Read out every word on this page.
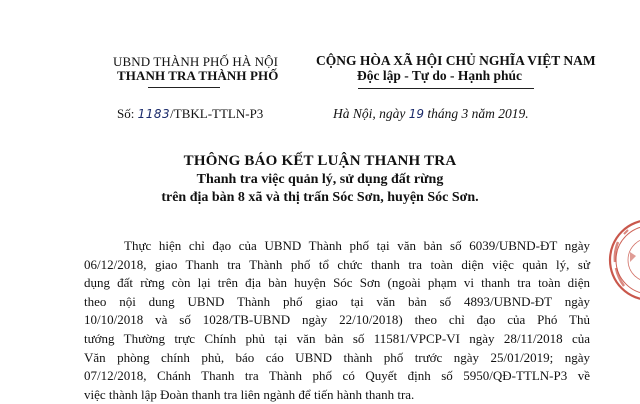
UBND THÀNH PHỐ HÀ NỘI
THANH TRA THÀNH PHỐ
CỘNG HÒA XÃ HỘI CHỦ NGHĨA VIỆT NAM
Độc lập - Tự do - Hạnh phúc
Số: 1183/TBKL-TTLN-P3	Hà Nội, ngày 19 tháng 3 năm 2019.
THÔNG BÁO KẾT LUẬN THANH TRA
Thanh tra việc quản lý, sử dụng đất rừng
trên địa bàn 8 xã và thị trấn Sóc Sơn, huyện Sóc Sơn.
Thực hiện chỉ đạo của UBND Thành phố tại văn bản số 6039/UBND-ĐT ngày
06/12/2018, giao Thanh tra Thành phố tổ chức thanh tra toàn diện việc quản lý, sử
dụng đất rừng còn lại trên địa bàn huyện Sóc Sơn (ngoài phạm vi thanh tra toàn diện
theo nội dung UBND Thành phố giao tại văn bản số 4893/UBND-ĐT ngày
10/10/2018 và số 1028/TB-UBND ngày 22/10/2018) theo chỉ đạo của Phó Thủ
tướng Thường trực Chính phủ tại văn bản số 11581/VPCP-VI ngày 28/11/2018 của
Văn phòng chính phủ, báo cáo UBND thành phố trước ngày 25/01/2019; ngày
07/12/2018, Chánh Thanh tra Thành phố có Quyết định số 5950/QĐ-TTLN-P3 về
việc thành lập Đoàn thanh tra liên ngành để tiến hành thanh tra.
